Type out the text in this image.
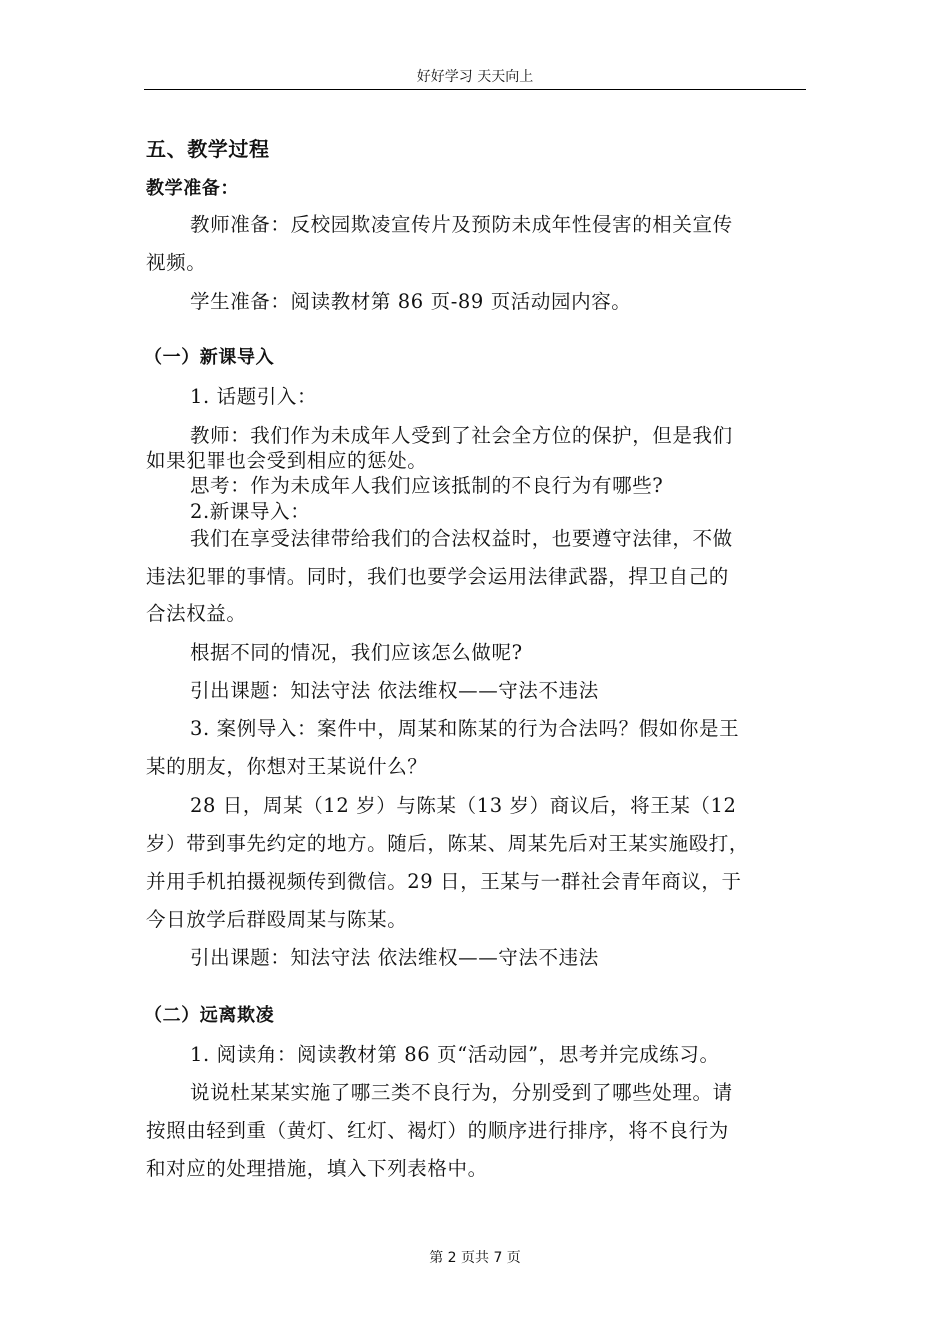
好好学习 天天向上
五、教学过程
教学准备：
教师准备：反校园欺凌宣传片及预防未成年性侵害的相关宣传
视频。
学生准备：阅读教材第 86 页-89 页活动园内容。
（一）新课导入
1. 话题引入：
教师：我们作为未成年人受到了社会全方位的保护，但是我们
如果犯罪也会受到相应的惩处。
思考：作为未成年人我们应该抵制的不良行为有哪些?
2.新课导入：
我们在享受法律带给我们的合法权益时，也要遵守法律，不做
违法犯罪的事情。同时，我们也要学会运用法律武器，捍卫自己的
合法权益。
根据不同的情况，我们应该怎么做呢?
引出课题：知法守法 依法维权——守法不违法
3. 案例导入：案件中，周某和陈某的行为合法吗？假如你是王
某的朋友，你想对王某说什么？
28 日，周某（12 岁）与陈某（13 岁）商议后，将王某（12
岁）带到事先约定的地方。随后，陈某、周某先后对王某实施殴打，
并用手机拍摄视频传到微信。29 日，王某与一群社会青年商议，于
今日放学后群殴周某与陈某。
引出课题：知法守法 依法维权——守法不违法
（二）远离欺凌
1. 阅读角：阅读教材第 86 页“活动园”，思考并完成练习。
说说杜某某实施了哪三类不良行为，分别受到了哪些处理。请
按照由轻到重（黄灯、红灯、褐灯）的顺序进行排序，将不良行为
和对应的处理措施，填入下列表格中。
第 2 页共 7 页
